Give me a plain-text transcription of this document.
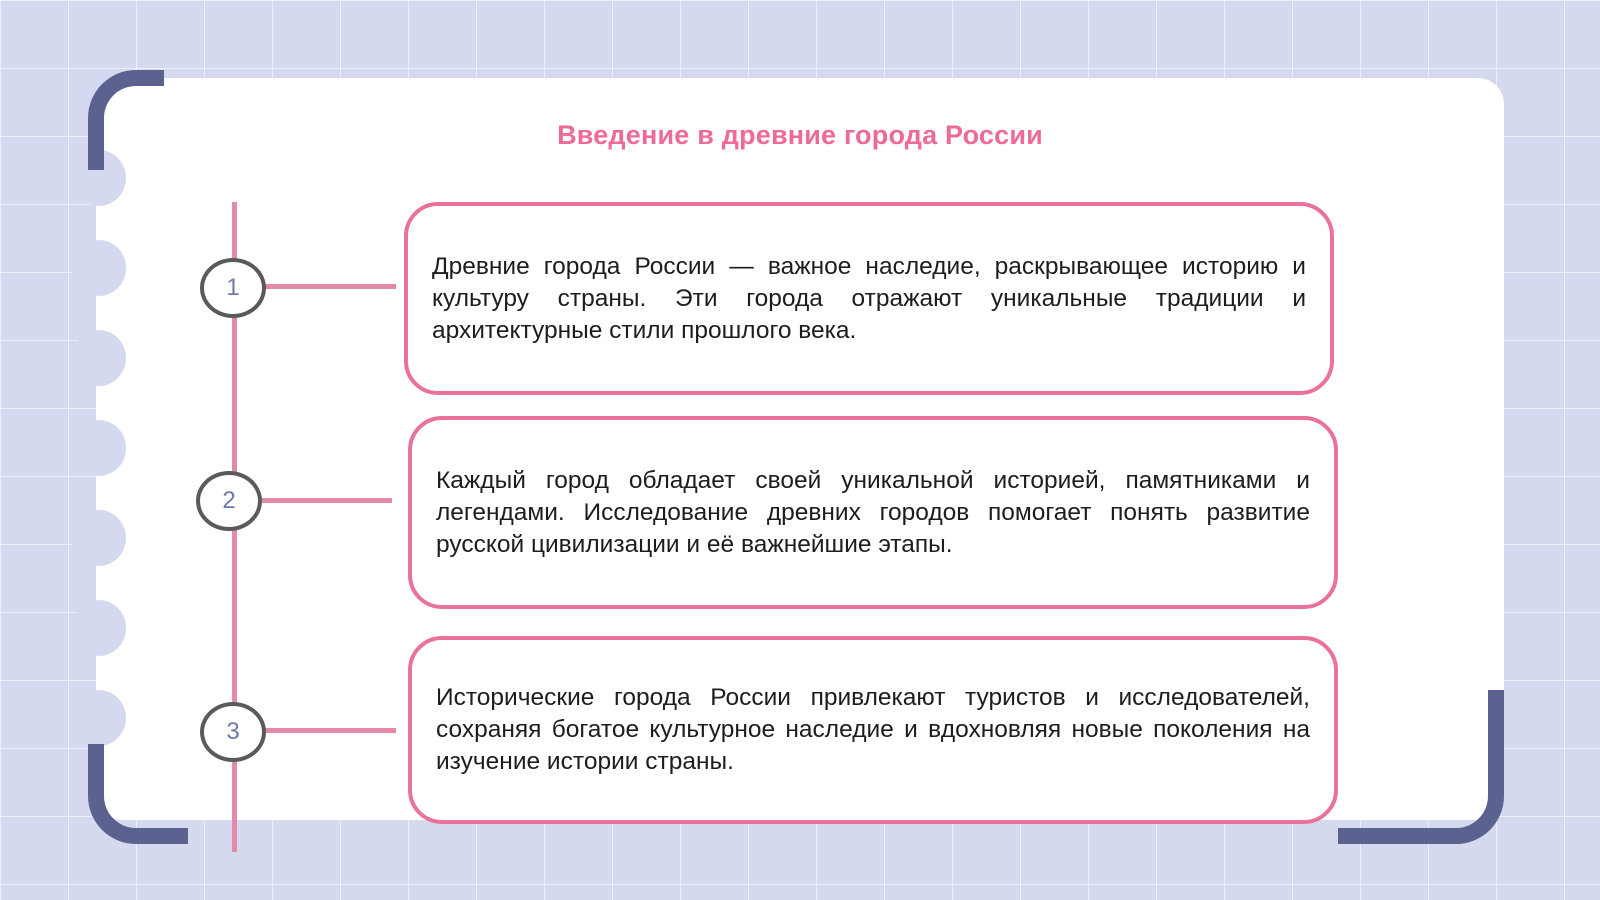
Введение в древние города России
1
2
3

Древние города России — важное наследие, раскрывающее историю и культуру страны. Эти города отражают уникальные традиции и архитектурные стили прошлого века.

Каждый город обладает своей уникальной историей, памятниками и легендами. Исследование древних городов помогает понять развитие русской цивилизации и её важнейшие этапы.

Исторические города России привлекают туристов и исследователей, сохраняя богатое культурное наследие и вдохновляя новые поколения на изучение истории страны.
